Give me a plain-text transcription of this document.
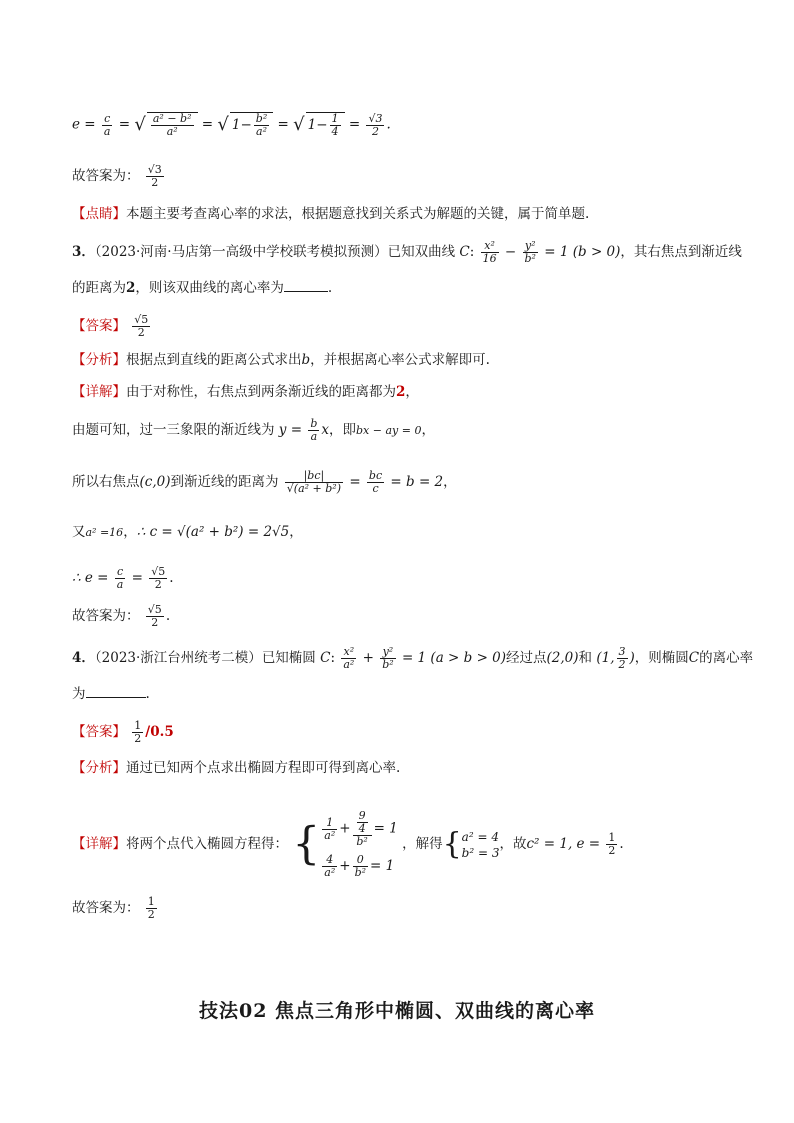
$e = \frac{c}{a}$ = √ $\frac{\text{a² − b²}}{\text{a²}}$ = √ $1- \frac{\text{b²}}{\text{a²}}$ = √ $1- \frac{1}{4} = \frac{√3}{2}$ .
故答案为： $\frac{√3}{2}$
【点睛】本题主要考查离心率的求法，根据题意找到关系式为解题的关键，属于简单题.
3．（2023·河南·马店第一高级中学校联考模拟预测）已知双曲线 C: $\frac{\text{x²}}{16} - \frac{\text{y²}}{\text{b²}} = 1$ (b > 0)，其右焦点到渐近线
的距离为2，则该双曲线的离心率为	.
【答案】 $\frac{√5}{2}$
【分析】根据点到直线的距离公式求出b，并根据离心率公式求解即可.
【详解】由于对称性，右焦点到两条渐近线的距离都为2，
由题可知，过一三象限的渐近线为 $y = \frac{b}{a}$ x，即bx − ay = 0，
所以右焦点(c,0)到渐近线的距离为 $\frac{|bc|}{\text{√(a² + b²)}} = \frac{bc}{c} = b = 2$，
又a² =16，∴ c = √(a² + b²) = 2√5，
∴ $e = \frac{c}{a} = \frac{√5}{2}$ .
故答案为： $\frac{√5}{2}$ .
4．（2023·浙江台州统考二模）已知椭圆 C: $\frac{\text{x²}}{\text{a²}} + \frac{\text{y²}}{\text{b²}} = 1$ (a > b > 0)经过点(2,0)和 (1, $\frac{3}{2}$ )，则椭圆C的离心率
为	.
【答案】 $\frac{1}{2} /0.5$
【分析】通过已知两个点求出椭圆方程即可得到离心率.
【详解】将两个点代入椭圆方程得： { $\frac{1}{\text{a²}} + \frac{\frac{9}{4}}{\text{b²}} = 1$
$\frac{4}{\text{a²}} + \frac{0}{\text{b²}} = 1$
，解得{ a² = 4
b² = 3
，故c² = 1, $e = \frac{1}{2}$ .
故答案为： $\frac{1}{2}$
技法02 焦点三角形中椭圆、双曲线的离心率
